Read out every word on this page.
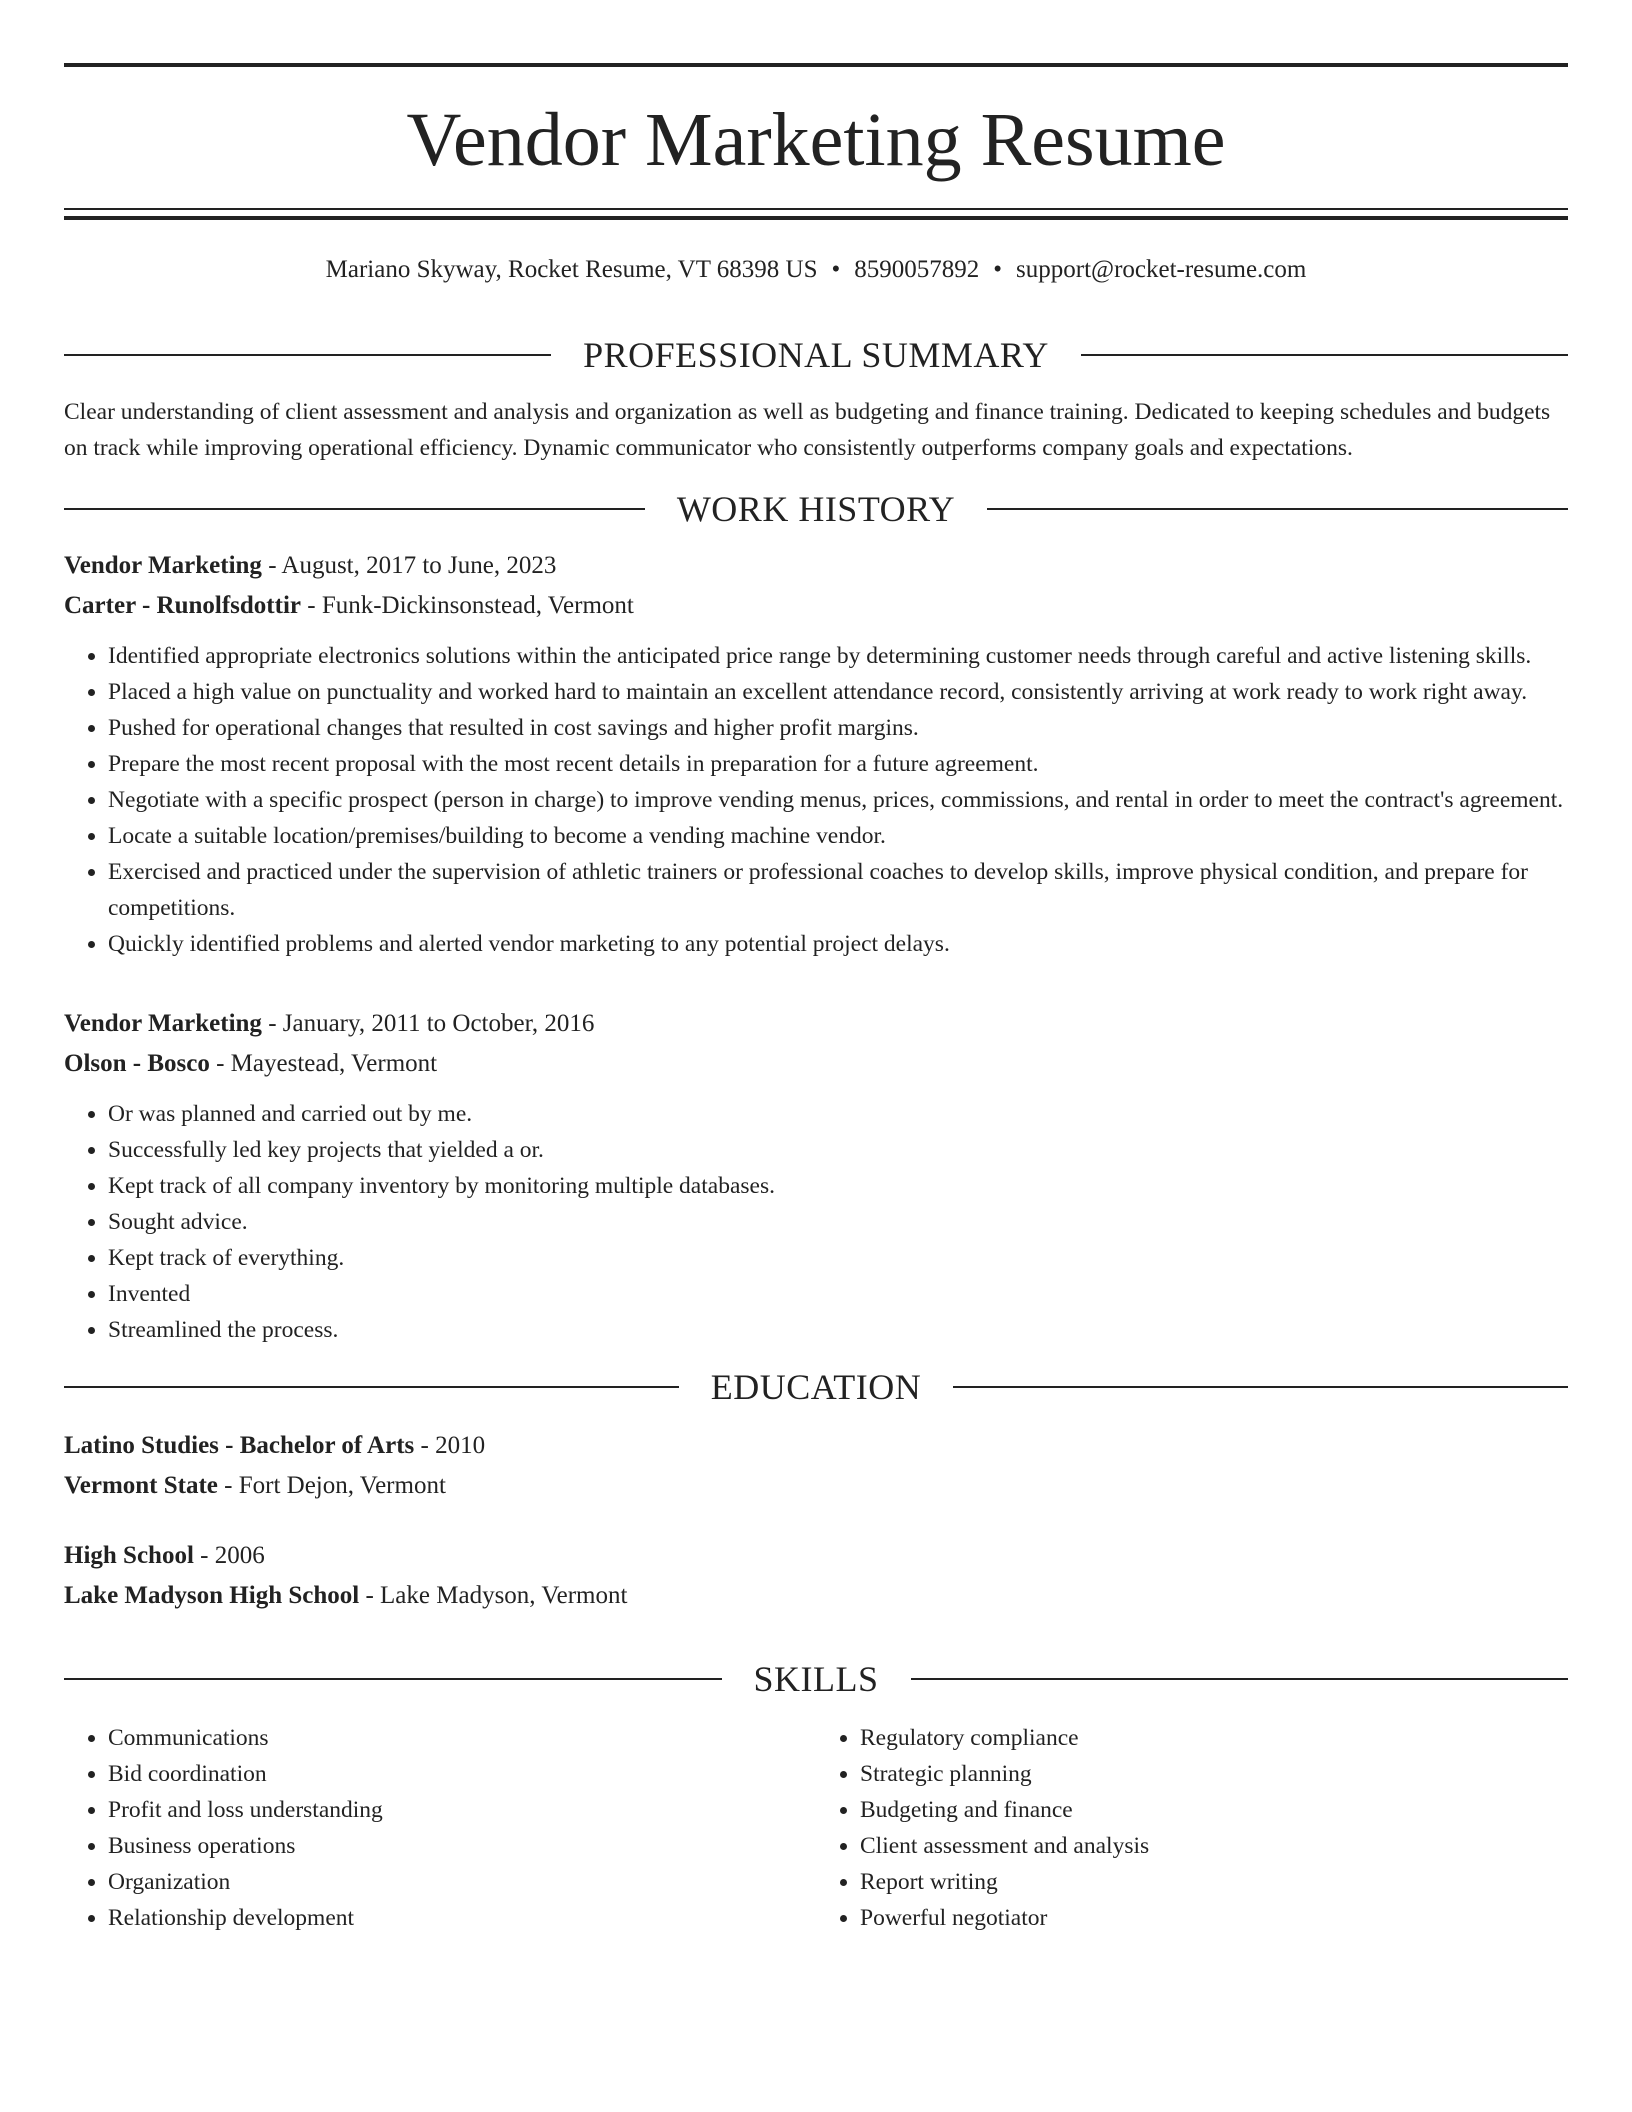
Vendor Marketing Resume
Mariano Skyway, Rocket Resume, VT 68398 US • 8590057892 • support@rocket-resume.com
PROFESSIONAL SUMMARY

Clear understanding of client assessment and analysis and organization as well as budgeting and finance training. Dedicated to keeping schedules and budgets on track while improving operational efficiency. Dynamic communicator who consistently outperforms company goals and expectations.

WORK HISTORY

Vendor Marketing - August, 2017 to June, 2023

Carter - Runolfsdottir - Funk-Dickinsonstead, Vermont

• Identified appropriate electronics solutions within the anticipated price range by determining customer needs through careful and active listening skills.
• Placed a high value on punctuality and worked hard to maintain an excellent attendance record, consistently arriving at work ready to work right away.
• Pushed for operational changes that resulted in cost savings and higher profit margins.
• Prepare the most recent proposal with the most recent details in preparation for a future agreement.
• Negotiate with a specific prospect (person in charge) to improve vending menus, prices, commissions, and rental in order to meet the contract's agreement.
• Locate a suitable location/premises/building to become a vending machine vendor.
• Exercised and practiced under the supervision of athletic trainers or professional coaches to develop skills, improve physical condition, and prepare for competitions.
• Quickly identified problems and alerted vendor marketing to any potential project delays.

Vendor Marketing - January, 2011 to October, 2016

Olson - Bosco - Mayestead, Vermont

• Or was planned and carried out by me.
• Successfully led key projects that yielded a or.
• Kept track of all company inventory by monitoring multiple databases.
• Sought advice.
• Kept track of everything.
• Invented
• Streamlined the process.
EDUCATION

Latino Studies - Bachelor of Arts - 2010

Vermont State - Fort Dejon, Vermont

High School - 2006

Lake Madyson High School - Lake Madyson, Vermont

SKILLS
• Communications
• Bid coordination
• Profit and loss understanding
• Business operations
• Organization
• Relationship development
• Regulatory compliance
• Strategic planning
• Budgeting and finance
• Client assessment and analysis
• Report writing
• Powerful negotiator
